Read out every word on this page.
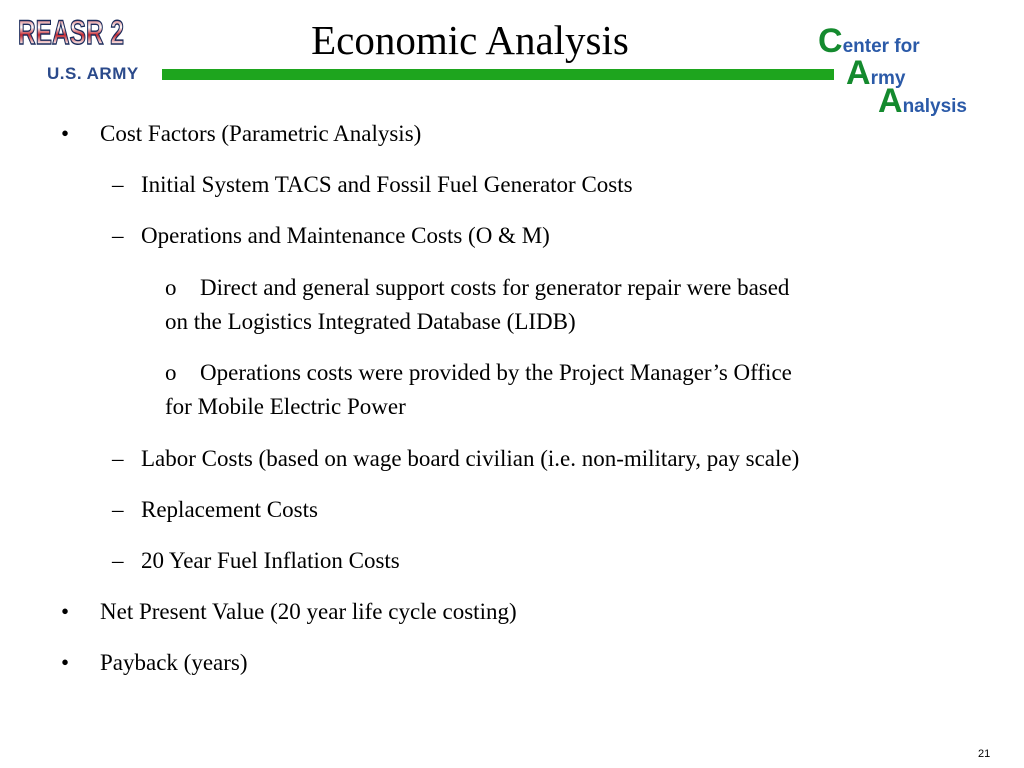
REASR 2
U.S. ARMY
Economic Analysis	Center for
Army
Analysis
• Cost Factors (Parametric Analysis)
– Initial System TACS and Fossil Fuel Generator Costs
– Operations and Maintenance Costs (O & M)
o Direct and general support costs for generator repair were based
on the Logistics Integrated Database (LIDB)
o Operations costs were provided by the Project Manager’s Office
for Mobile Electric Power
– Labor Costs (based on wage board civilian (i.e. non-military, pay scale)
– Replacement Costs
– 20 Year Fuel Inflation Costs
• Net Present Value (20 year life cycle costing)
• Payback (years)
21
